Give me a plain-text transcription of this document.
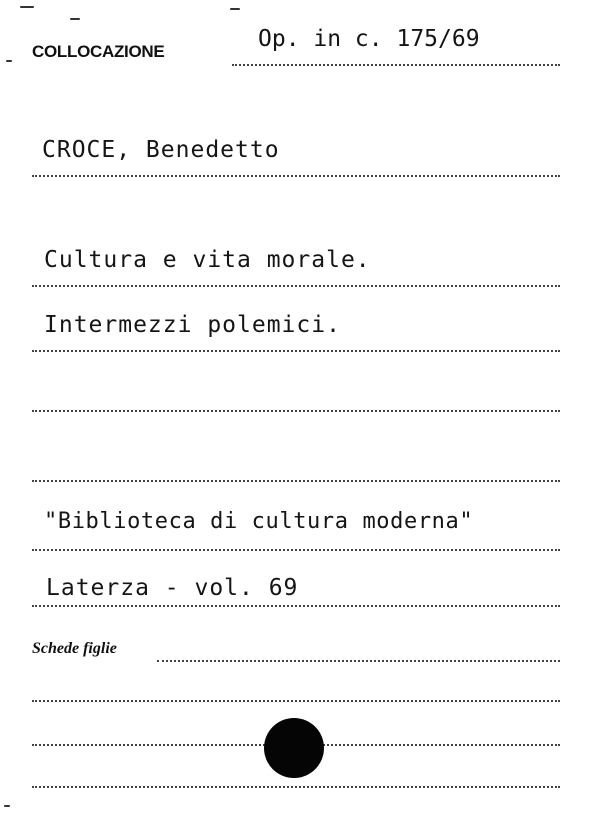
COLLOCAZIONE	Op. in c. 175/69
CROCE, Benedetto
Cultura e vita morale.
Intermezzi polemici.
"Biblioteca di cultura moderna"
Laterza - vol. 69
Schede figlie
